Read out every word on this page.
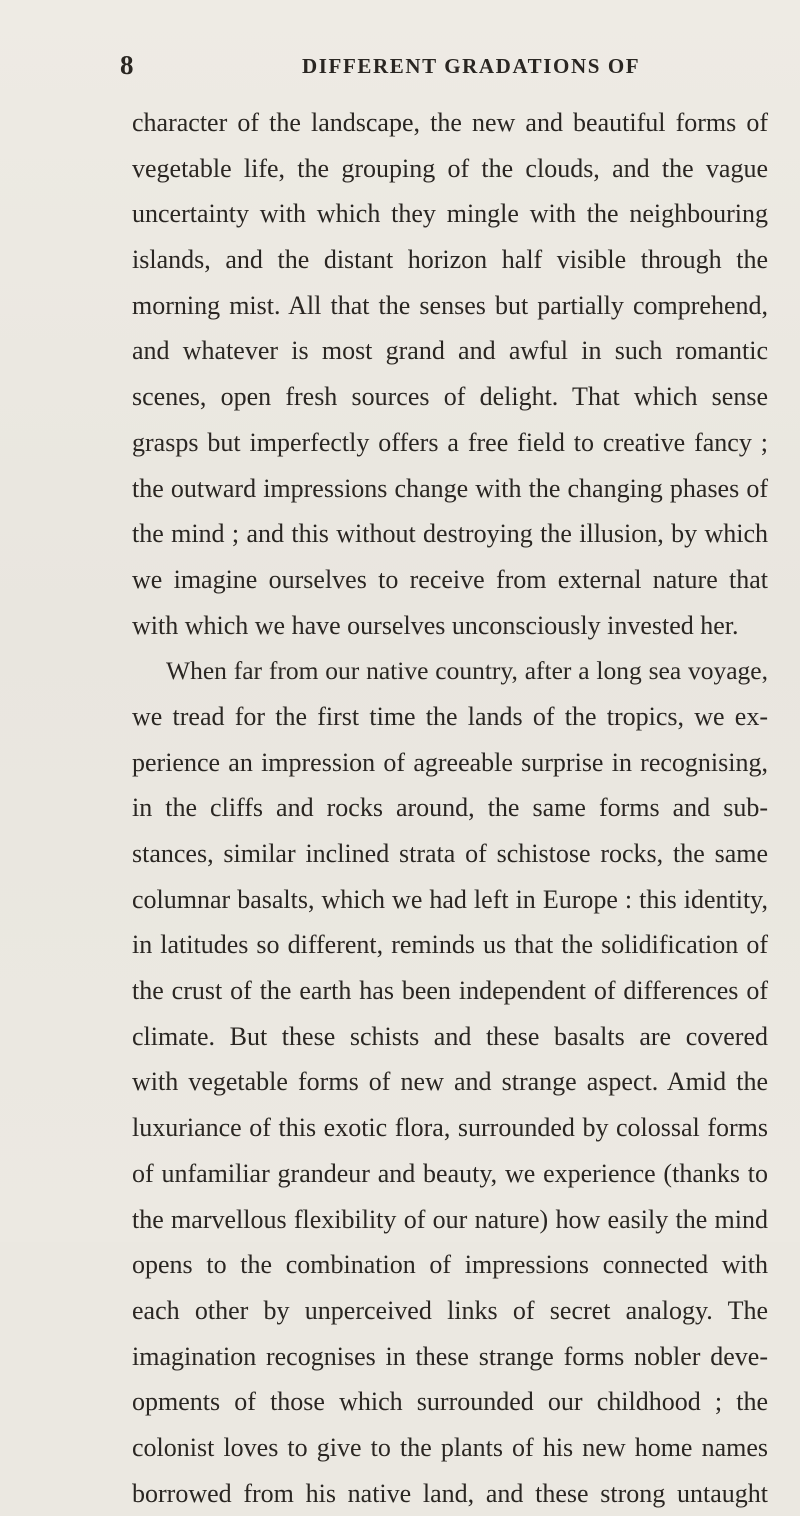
8	DIFFERENT GRADATIONS OF
character of the landscape, the new and beautiful forms of
vegetable life, the grouping of the clouds, and the vague
uncertainty with which they mingle with the neighbouring
islands, and the distant horizon half visible through the
morning mist. All that the senses but partially comprehend,
and whatever is most grand and awful in such romantic
scenes, open fresh sources of delight. That which sense
grasps but imperfectly offers a free field to creative fancy ;
the outward impressions change with the changing phases of
the mind ; and this without destroying the illusion, by which
we imagine ourselves to receive from external nature that
with which we have ourselves unconsciously invested her.
When far from our native country, after a long sea voyage,
we tread for the first time the lands of the tropics, we ex-
perience an impression of agreeable surprise in recognising,
in the cliffs and rocks around, the same forms and sub-
stances, similar inclined strata of schistose rocks, the same
columnar basalts, which we had left in Europe : this identity,
in latitudes so different, reminds us that the solidification of
the crust of the earth has been independent of differences of
climate. But these schists and these basalts are covered
with vegetable forms of new and strange aspect. Amid the
luxuriance of this exotic flora, surrounded by colossal forms
of unfamiliar grandeur and beauty, we experience (thanks to
the marvellous flexibility of our nature) how easily the mind
opens to the combination of impressions connected with
each other by unperceived links of secret analogy. The
imagination recognises in these strange forms nobler deve-
opments of those which surrounded our childhood ; the
colonist loves to give to the plants of his new home names
borrowed from his native land, and these strong untaught
